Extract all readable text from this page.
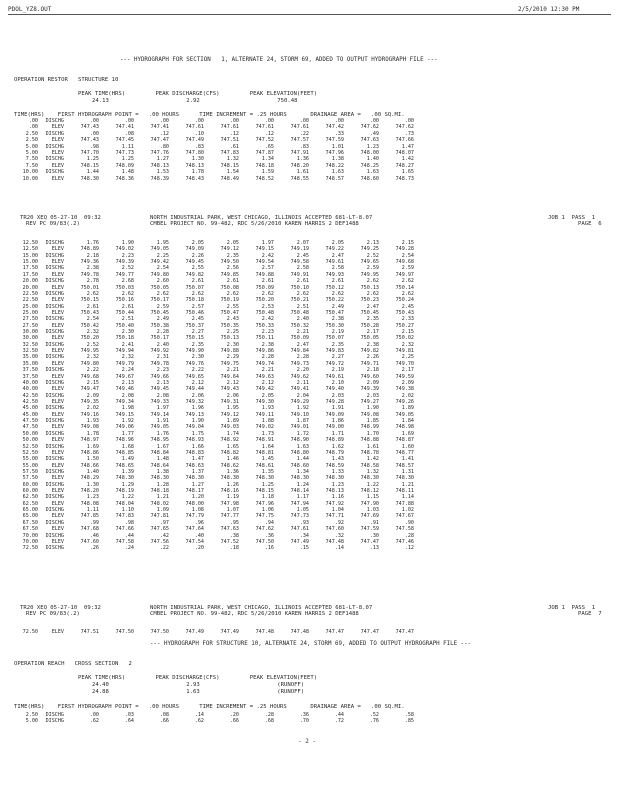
PDOL_YZ8.OUT	2/5/2010 12:30 PM
--- HYDROGRAPH FOR SECTION   1, ALTERNATE 24, STORM 69, ADDED TO OUTPUT HYDROGRAPH FILE ---
OPERATION RESTOR   STRUCTURE 10
PEAK TIME(HRS)         PEAK DISCHARGE(CFS)         PEAK ELEVATION(FEET)
24.13                       2.92                       750.48
TIME(HRS)    FIRST HYDROGRAPH POINT =   .00 HOURS      TIME INCREMENT = .25 HOURS       DRAINAGE AREA =   .00 SQ.MI.
.00 DISCHG	.00	.00	.00	.00	.00	.00	.00	.00	.00	.00
.00	ELEV	747.43	747.41	747.41	747.61	747.61	747.61	747.61	747.42	747.62	747.62
2.50 DISCHG	.00	.08	.12	.10	.12	.12	.22	.33	.49	.73
2.50	ELEV	747.43	747.45	747.47	747.49	747.51	747.52	747.57	747.59	747.63	747.66
5.00 DISCHG	.98	1.11	.80	.83	.61	.65	.83	1.01	1.23	1.47
5.00	ELEV	747.70	747.73	747.76	747.80	747.83	747.87	747.91	747.96	748.00	748.07
7.50 DISCHG	1.25	1.25	1.27	1.30	1.32	1.34	1.36	1.38	1.40	1.42
7.50	ELEV	748.15	748.09	748.13	748.13	748.15	748.18	748.20	748.22	748.25	748.27
10.00 DISCHG	1.44	1.48	1.53	1.78	1.54	1.59	1.61	1.63	1.63	1.65
10.00	ELEV	748.30	748.36	748.39	748.43	748.49	748.52	748.55	748.57	748.60	748.73
TR20 XEQ 05-27-10  09:32
REV PC 09/83(.2)
NORTH INDUSTRIAL PARK, WEST CHICAGO, ILLINOIS ACCEPTED 681-LT-8.07
CMBEL PROJECT NO. 99-482, RDC 5/26/2010 KAREN HARRIS 2 DEF1488
JOB 1  PASS  1
PAGE  6
12.50 DISCHG	1.76	1.90	1.95	2.05	2.05	1.97	2.07	2.05	2.13	2.15
12.50	ELEV	748.89	749.02	749.05	749.09	749.12	749.15	749.19	749.22	749.25	749.28
15.00 DISCHG	2.18	2.23	2.25	2.26	2.35	2.42	2.45	2.47	2.52	2.54
15.00	ELEV	749.36	749.39	749.42	749.45	749.50	749.54	749.58	749.61	749.65	749.68
17.50 DISCHG	2.38	2.52	2.54	2.55	2.56	2.57	2.58	2.58	2.59	2.59
17.50	ELEV	749.78	749.77	749.80	749.82	749.85	749.88	749.91	749.93	749.95	749.97
20.00 DISCHG	2.78	2.68	2.60	2.61	2.61	2.61	2.61	2.61	2.62	2.62
20.00	ELEV	750.01	750.03	750.05	750.07	750.08	750.09	750.10	750.12	750.13	750.14
22.50 DISCHG	2.62	2.62	2.62	2.62	2.62	2.62	2.62	2.62	2.62	2.62
22.50	ELEV	750.15	750.16	750.17	750.18	750.19	750.20	750.21	750.22	750.23	750.24
25.00 DISCHG	2.61	2.61	2.59	2.57	2.55	2.53	2.51	2.49	2.47	2.45
25.00	ELEV	750.43	750.44	750.45	750.46	750.47	750.48	750.48	750.47	750.45	750.43
27.50 DISCHG	2.54	2.51	2.49	2.45	2.43	2.42	2.40	2.38	2.35	2.33
27.50	ELEV	750.42	750.40	750.38	750.37	750.35	750.33	750.32	750.30	750.28	750.27
30.00 DISCHG	2.32	2.30	2.28	2.27	2.25	2.23	2.21	2.19	2.17	2.15
30.00	ELEV	750.20	750.18	750.17	750.15	750.13	750.11	750.09	750.07	750.05	750.02
32.50 DISCHG	2.52	2.41	2.40	2.35	2.30	2.38	2.47	2.35	2.38	2.32
32.50	ELEV	749.95	749.94	749.92	749.90	749.88	749.86	749.84	749.83	749.82	749.81
35.00 DISCHG	2.32	2.32	2.31	2.30	2.29	2.28	2.28	2.27	2.26	2.25
35.00	ELEV	749.80	749.79	749.78	749.76	749.75	749.74	749.73	749.72	749.71	749.70
37.50 DISCHG	2.22	2.24	2.23	2.22	2.21	2.21	2.20	2.19	2.18	2.17
37.50	ELEV	749.68	749.67	749.66	749.65	749.64	749.63	749.62	749.61	749.60	749.59
40.00 DISCHG	2.15	2.13	2.13	2.12	2.12	2.12	2.11	2.10	2.09	2.09
40.00	ELEV	749.47	749.46	749.45	749.44	749.43	749.42	749.41	749.40	749.39	749.38
42.50 DISCHG	2.09	2.08	2.08	2.06	2.06	2.05	2.04	2.03	2.03	2.02
42.50	ELEV	749.35	749.34	749.33	749.32	749.31	749.30	749.29	749.28	749.27	749.26
45.00 DISCHG	2.02	1.98	1.97	1.96	1.95	1.93	1.92	1.91	1.90	1.89
45.00	ELEV	749.16	749.15	749.14	749.13	749.12	749.11	749.10	749.09	749.08	749.05
47.50 DISCHG	1.93	1.92	1.91	1.90	1.89	1.88	1.87	1.86	1.85	1.84
47.50	ELEV	749.08	749.06	749.05	749.04	749.03	749.02	749.01	749.00	748.99	748.98
50.00 DISCHG	1.78	1.77	1.76	1.75	1.74	1.73	1.72	1.71	1.70	1.69
50.00	ELEV	748.97	748.96	748.95	748.93	748.92	748.91	748.90	748.89	748.88	748.87
52.50 DISCHG	1.69	1.68	1.67	1.66	1.65	1.64	1.63	1.62	1.61	1.60
52.50	ELEV	748.86	748.85	748.84	748.83	748.82	748.81	748.80	748.79	748.78	748.77
55.00 DISCHG	1.50	1.49	1.48	1.47	1.46	1.45	1.44	1.43	1.42	1.41
55.00	ELEV	748.66	748.65	748.64	748.63	748.62	748.61	748.60	748.59	748.58	748.57
57.50 DISCHG	1.40	1.39	1.38	1.37	1.36	1.35	1.34	1.33	1.32	1.31
57.50	ELEV	748.29	748.30	748.30	748.30	748.30	748.30	748.30	748.30	748.30	748.30
60.00 DISCHG	1.30	1.29	1.28	1.27	1.26	1.25	1.24	1.23	1.22	1.21
60.00	ELEV	748.20	748.19	748.18	748.17	748.16	748.15	748.14	748.13	748.12	748.11
62.50 DISCHG	1.23	1.22	1.21	1.20	1.19	1.18	1.17	1.16	1.15	1.14
62.50	ELEV	748.08	748.04	748.02	748.00	747.98	747.96	747.94	747.92	747.90	747.88
65.00 DISCHG	1.11	1.10	1.09	1.08	1.07	1.06	1.05	1.04	1.03	1.02
65.00	ELEV	747.85	747.83	747.81	747.79	747.77	747.75	747.73	747.71	747.69	747.67
67.50 DISCHG	.99	.98	.97	.96	.95	.94	.93	.92	.91	.90
67.50	ELEV	747.68	747.66	747.65	747.64	747.63	747.62	747.61	747.60	747.59	747.58
70.00 DISCHG	.46	.44	.42	.40	.38	.36	.34	.32	.30	.28
70.00	ELEV	747.60	747.58	747.56	747.54	747.52	747.50	747.49	747.48	747.47	747.46
72.50 DISCHG	.26	.24	.22	.20	.18	.16	.15	.14	.13	.12
TR20 XEQ 05-27-10  09:32
REV PC 09/83(.2)
NORTH INDUSTRIAL PARK, WEST CHICAGO, ILLINOIS ACCEPTED 681-LT-8.07
CMBEL PROJECT NO. 99-482, RDC 5/26/2010 KAREN HARRIS 2 DEF1488
JOB 1  PASS  1
PAGE  7
72.50	ELEV	747.51	747.50	747.50	747.49	747.49	747.48	747.48	747.47	747.47	747.47
--- HYDROGRAPH FOR STRUCTURE 10, ALTERNATE 24, STORM 69, ADDED TO OUTPUT HYDROGRAPH FILE ---
OPERATION REACH   CROSS SECTION   2
PEAK TIME(HRS)         PEAK DISCHARGE(CFS)         PEAK ELEVATION(FEET)
24.40                       2.93                       (RUNOFF)
24.88                       1.63                       (RUNOFF)
TIME(HRS)    FIRST HYDROGRAPH POINT =   .00 HOURS      TIME INCREMENT = .25 HOURS       DRAINAGE AREA =   .00 SQ.MI.
2.50 DISCHG	.00	.03	.08	.14	.20	.28	.36	.44	.52	.58
5.00 DISCHG	.62	.64	.66	.62	.66	.68	.70	.72	.76	.85
- 2 -
